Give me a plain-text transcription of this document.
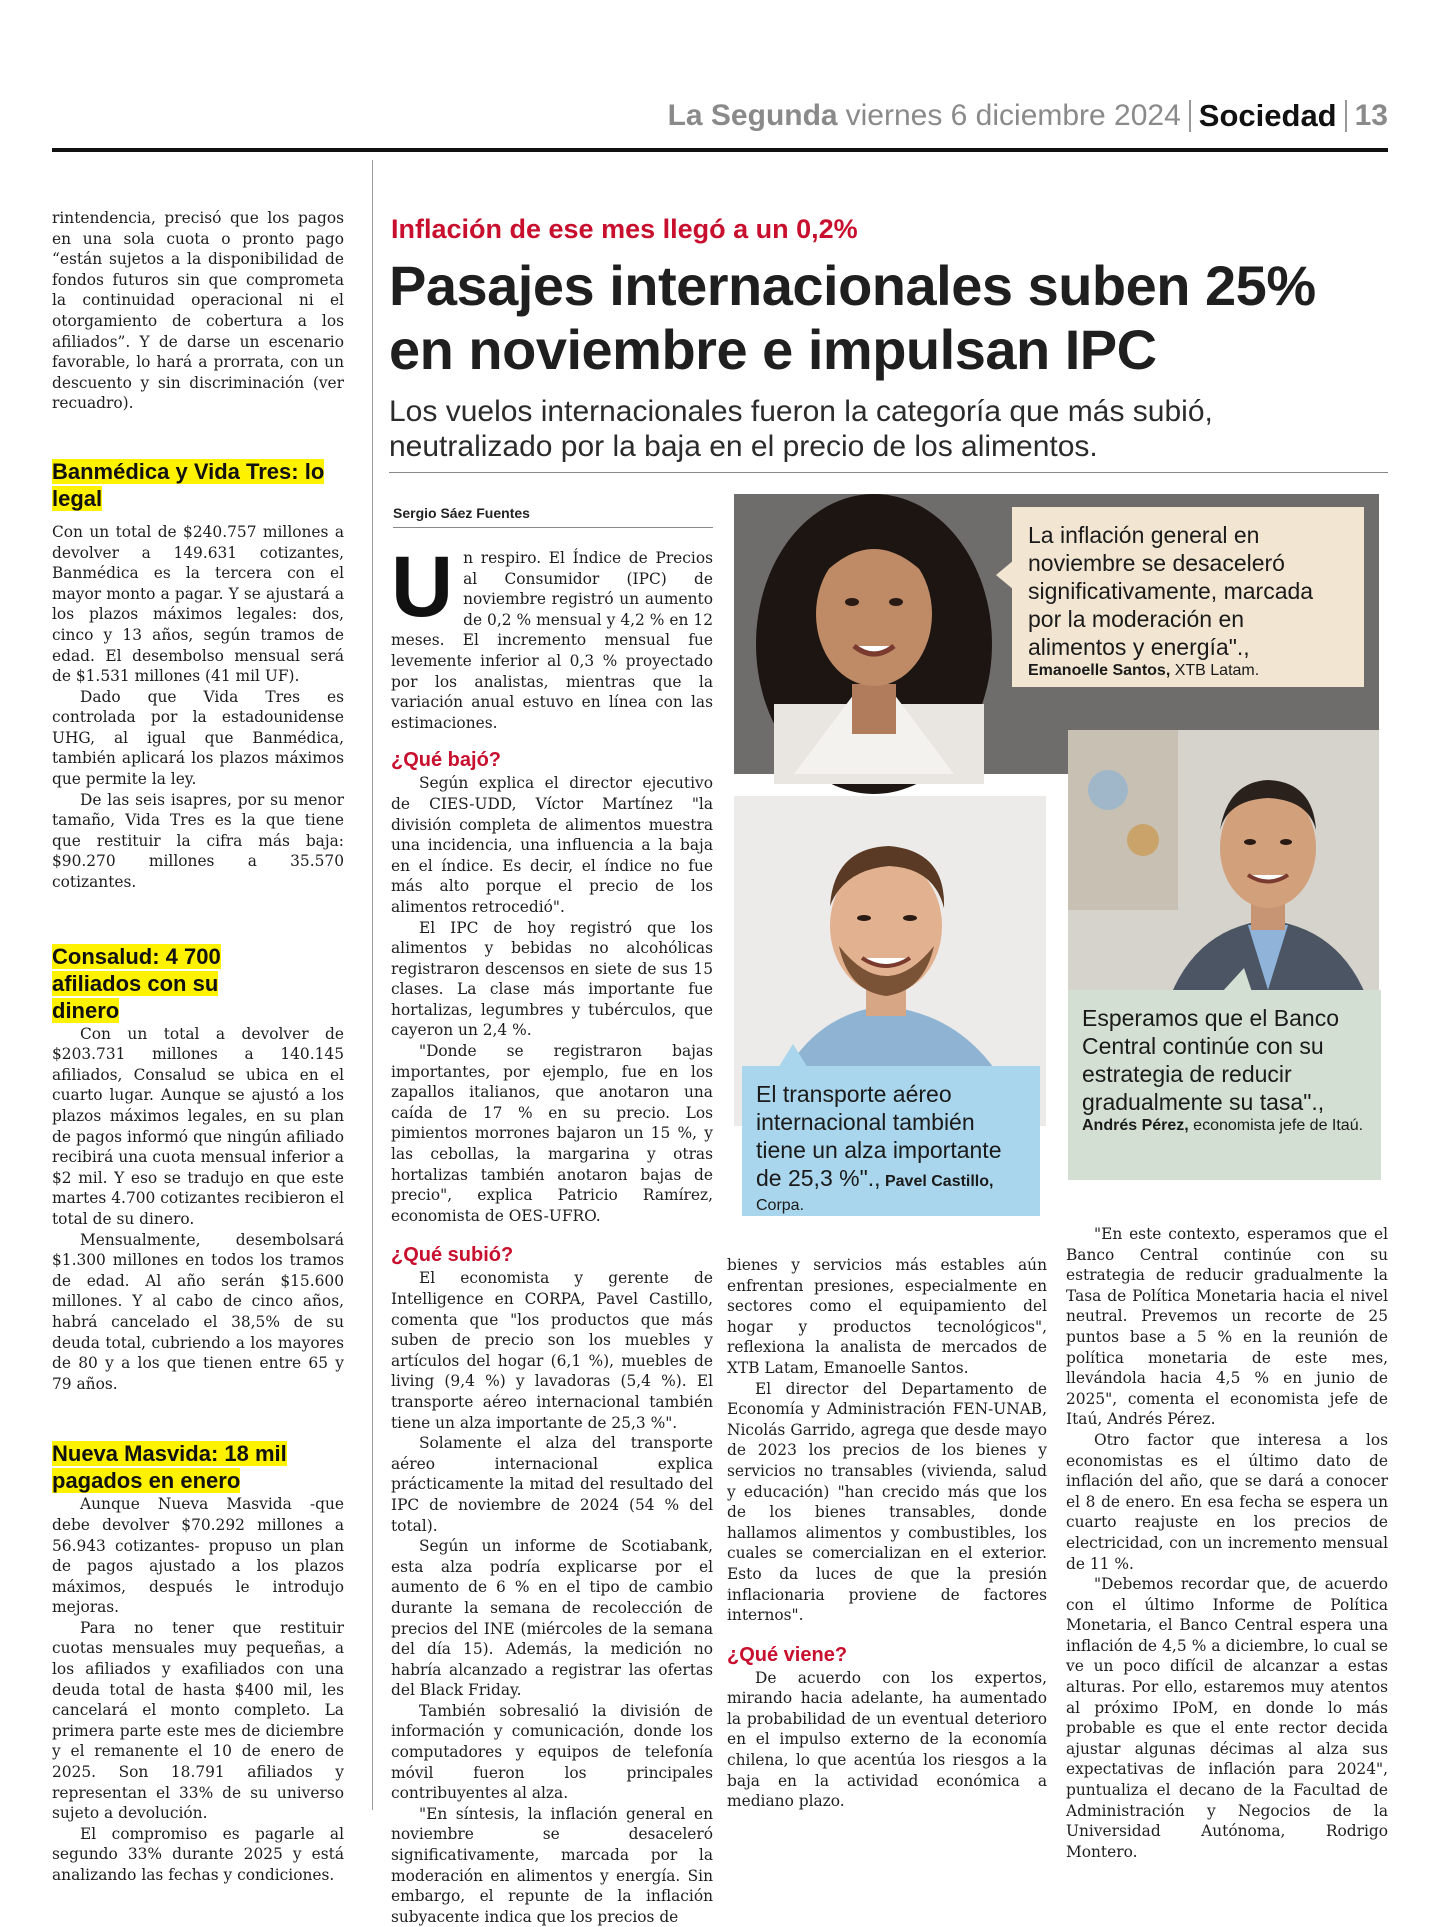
La Segunda viernes 6 diciembre 2024 Sociedad 13

rintendencia, precisó que los pagos en una sola cuota o pronto pago “están sujetos a la disponibilidad de fondos futuros sin que comprometa la continuidad operacional ni el otorgamiento de cobertura a los afiliados”. Y de darse un escenario favorable, lo hará a prorrata, con un descuento y sin discriminación (ver recuadro).

Banmédica y Vida Tres: lo legal

Con un total de $240.757 millones a devolver a 149.631 cotizantes, Banmédica es la tercera con el mayor monto a pagar. Y se ajustará a los plazos máximos legales: dos, cinco y 13 años, según tramos de edad. El desembolso mensual será de $1.531 millones (41 mil UF).

Dado que Vida Tres es controlada por la estadounidense UHG, al igual que Banmédica, también aplicará los plazos máximos que permite la ley.

De las seis isapres, por su menor tamaño, Vida Tres es la que tiene que restituir la cifra más baja: $90.270 millones a 35.570 cotizantes.

Consalud: 4 700 afiliados con su dinero

Con un total a devolver de $203.731 millones a 140.145 afiliados, Consalud se ubica en el cuarto lugar. Aunque se ajustó a los plazos máximos legales, en su plan de pagos informó que ningún afiliado recibirá una cuota mensual inferior a $2 mil. Y eso se tradujo en que este martes 4.700 cotizantes recibieron el total de su dinero.

Mensualmente, desembolsará $1.300 millones en todos los tramos de edad. Al año serán $15.600 millones. Y al cabo de cinco años, habrá cancelado el 38,5% de su deuda total, cubriendo a los mayores de 80 y a los que tienen entre 65 y 79 años.

Nueva Masvida: 18 mil pagados en enero

Aunque Nueva Masvida -que debe devolver $70.292 millones a 56.943 cotizantes- propuso un plan de pagos ajustado a los plazos máximos, después le introdujo mejoras.

Para no tener que restituir cuotas mensuales muy pequeñas, a los afiliados y exafiliados con una deuda total de hasta $400 mil, les cancelará el monto completo. La primera parte este mes de diciembre y el remanente el 10 de enero de 2025. Son 18.791 afiliados y representan el 33% de su universo sujeto a devolución.

El compromiso es pagarle al segundo 33% durante 2025 y está analizando las fechas y condiciones.

Inflación de ese mes llegó a un 0,2%
Pasajes internacionales suben 25% en noviembre e impulsan IPC
Los vuelos internacionales fueron la categoría que más subió, neutralizado por la baja en el precio de los alimentos.
Sergio Sáez Fuentes

Un respiro. El Índice de Precios al Consumidor (IPC) de noviembre registró un aumento de 0,2 % mensual y 4,2 % en 12 meses. El incremento mensual fue levemente inferior al 0,3 % proyectado por los analistas, mientras que la variación anual estuvo en línea con las estimaciones.

¿Qué bajó?

Según explica el director ejecutivo de CIES-UDD, Víctor Martínez "la división completa de alimentos muestra una incidencia, una influencia a la baja en el índice. Es decir, el índice no fue más alto porque el precio de los alimentos retrocedió".

El IPC de hoy registró que los alimentos y bebidas no alcohólicas registraron descensos en siete de sus 15 clases. La clase más importante fue hortalizas, legumbres y tubérculos, que cayeron un 2,4 %.

"Donde se registraron bajas importantes, por ejemplo, fue en los zapallos italianos, que anotaron una caída de 17 % en su precio. Los pimientos morrones bajaron un 15 %, y las cebollas, la margarina y otras hortalizas también anotaron bajas de precio", explica Patricio Ramírez, economista de OES-UFRO.

¿Qué subió?

El economista y gerente de Intelligence en CORPA, Pavel Castillo, comenta que "los productos que más suben de precio son los muebles y artículos del hogar (6,1 %), muebles de living (9,4 %) y lavadoras (5,4 %). El transporte aéreo internacional también tiene un alza importante de 25,3 %".

Solamente el alza del transporte aéreo internacional explica prácticamente la mitad del resultado del IPC de noviembre de 2024 (54 % del total).

Según un informe de Scotiabank, esta alza podría explicarse por el aumento de 6 % en el tipo de cambio durante la semana de recolección de precios del INE (miércoles de la semana del día 15). Además, la medición no habría alcanzado a registrar las ofertas del Black Friday.

También sobresalió la división de información y comunicación, donde los computadores y equipos de telefonía móvil fueron los principales contribuyentes al alza.

"En síntesis, la inflación general en noviembre se desaceleró significativamente, marcada por la moderación en alimentos y energía. Sin embargo, el repunte de la inflación subyacente indica que los precios de

La inflación general en noviembre se desaceleró significativamente, marcada por la moderación en alimentos y energía".,
Emanoelle Santos, XTB Latam.
El transporte aéreo internacional también tiene un alza importante de 25,3 %"., Pavel Castillo,
Corpa.
Esperamos que el Banco Central continúe con su estrategia de reducir gradualmente su tasa".,
Andrés Pérez, economista jefe de Itaú.

bienes y servicios más estables aún enfrentan presiones, especialmente en sectores como el equipamiento del hogar y productos tecnológicos", reflexiona la analista de mercados de XTB Latam, Emanoelle Santos.

El director del Departamento de Economía y Administración FEN-UNAB, Nicolás Garrido, agrega que desde mayo de 2023 los precios de los bienes y servicios no transables (vivienda, salud y educación) "han crecido más que los de los bienes transables, donde hallamos alimentos y combustibles, los cuales se comercializan en el exterior. Esto da luces de que la presión inflacionaria proviene de factores internos".

¿Qué viene?

De acuerdo con los expertos, mirando hacia adelante, ha aumentado la probabilidad de un eventual deterioro en el impulso externo de la economía chilena, lo que acentúa los riesgos a la baja en la actividad económica a mediano plazo.

"En este contexto, esperamos que el Banco Central continúe con su estrategia de reducir gradualmente la Tasa de Política Monetaria hacia el nivel neutral. Prevemos un recorte de 25 puntos base a 5 % en la reunión de política monetaria de este mes, llevándola hacia 4,5 % en junio de 2025", comenta el economista jefe de Itaú, Andrés Pérez.

Otro factor que interesa a los economistas es el último dato de inflación del año, que se dará a conocer el 8 de enero. En esa fecha se espera un cuarto reajuste en los precios de electricidad, con un incremento mensual de 11 %.

"Debemos recordar que, de acuerdo con el último Informe de Política Monetaria, el Banco Central espera una inflación de 4,5 % a diciembre, lo cual se ve un poco difícil de alcanzar a estas alturas. Por ello, estaremos muy atentos al próximo IPoM, en donde lo más probable es que el ente rector decida ajustar algunas décimas al alza sus expectativas de inflación para 2024", puntualiza el decano de la Facultad de Administración y Negocios de la Universidad Autónoma, Rodrigo Montero.
